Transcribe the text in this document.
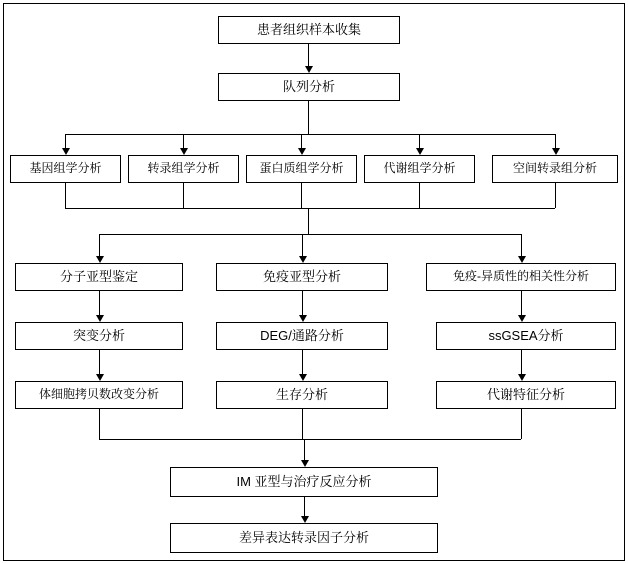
患者组织样本收集
队列分析
基因组学分析	转录组学分析	蛋白质组学分析	代谢组学分析	空间转录组分析
分子亚型鉴定	免疫亚型分析	免疫-异质性的相关性分析
突变分析	DEG/通路分析	ssGSEA分析
体细胞拷贝数改变分析	生存分析	代谢特征分析
IM 亚型与治疗反应分析
差异表达转录因子分析
